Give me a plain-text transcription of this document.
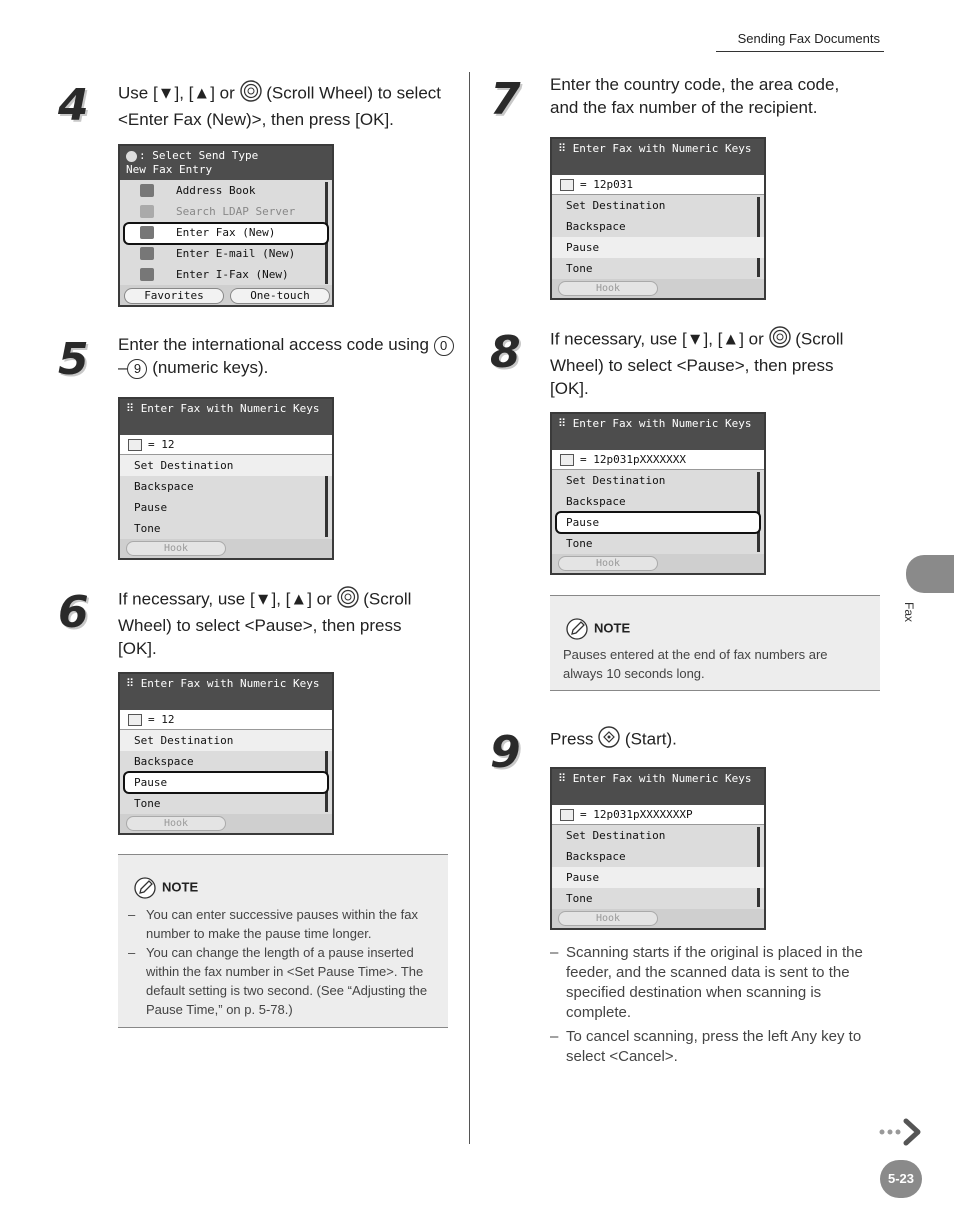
Sending Fax Documents
4 Use [▼], [▲] or  (Scroll Wheel) to select <Enter Fax (New)>, then press [OK].
: Select Send Type
New Fax Entry
Address Book
Search LDAP Server
Enter Fax (New)
Enter E-mail (New)
Enter I-Fax (New)
Favorites	One-touch
5 Enter the international access code using 0– 9 (numeric keys).
⠿ Enter Fax with Numeric Keys
= 12
Set Destination
Backspace
Pause
Tone
Hook
6 If necessary, use [▼], [▲] or  (Scroll Wheel) to select <Pause>, then press [OK].
⠿ Enter Fax with Numeric Keys
= 12
Set Destination
Backspace
Pause
Tone
Hook
NOTE
– You can enter successive pauses within the fax number to make the pause time longer.
– You can change the length of a pause inserted within the fax number in <Set Pause Time>. The default setting is two second. (See “Adjusting the Pause Time,” on p. 5-78.)
7 Enter the country code, the area code, and the fax number of the recipient.
⠿ Enter Fax with Numeric Keys
= 12p031
Set Destination
Backspace
Pause
Tone
Hook
8 If necessary, use [▼], [▲] or  (Scroll Wheel) to select <Pause>, then press [OK].
⠿ Enter Fax with Numeric Keys
= 12p031pXXXXXXX
Set Destination
Backspace
Pause
Tone
Hook
NOTE
Pauses entered at the end of fax numbers are always 10 seconds long.
9 Press  (Start).
⠿ Enter Fax with Numeric Keys
= 12p031pXXXXXXXP
Set Destination
Backspace
Pause
Tone
Hook
– Scanning starts if the original is placed in the feeder, and the scanned data is sent to the specified destination when scanning is complete.
– To cancel scanning, press the left Any key to select <Cancel>.
Fax
5-23
